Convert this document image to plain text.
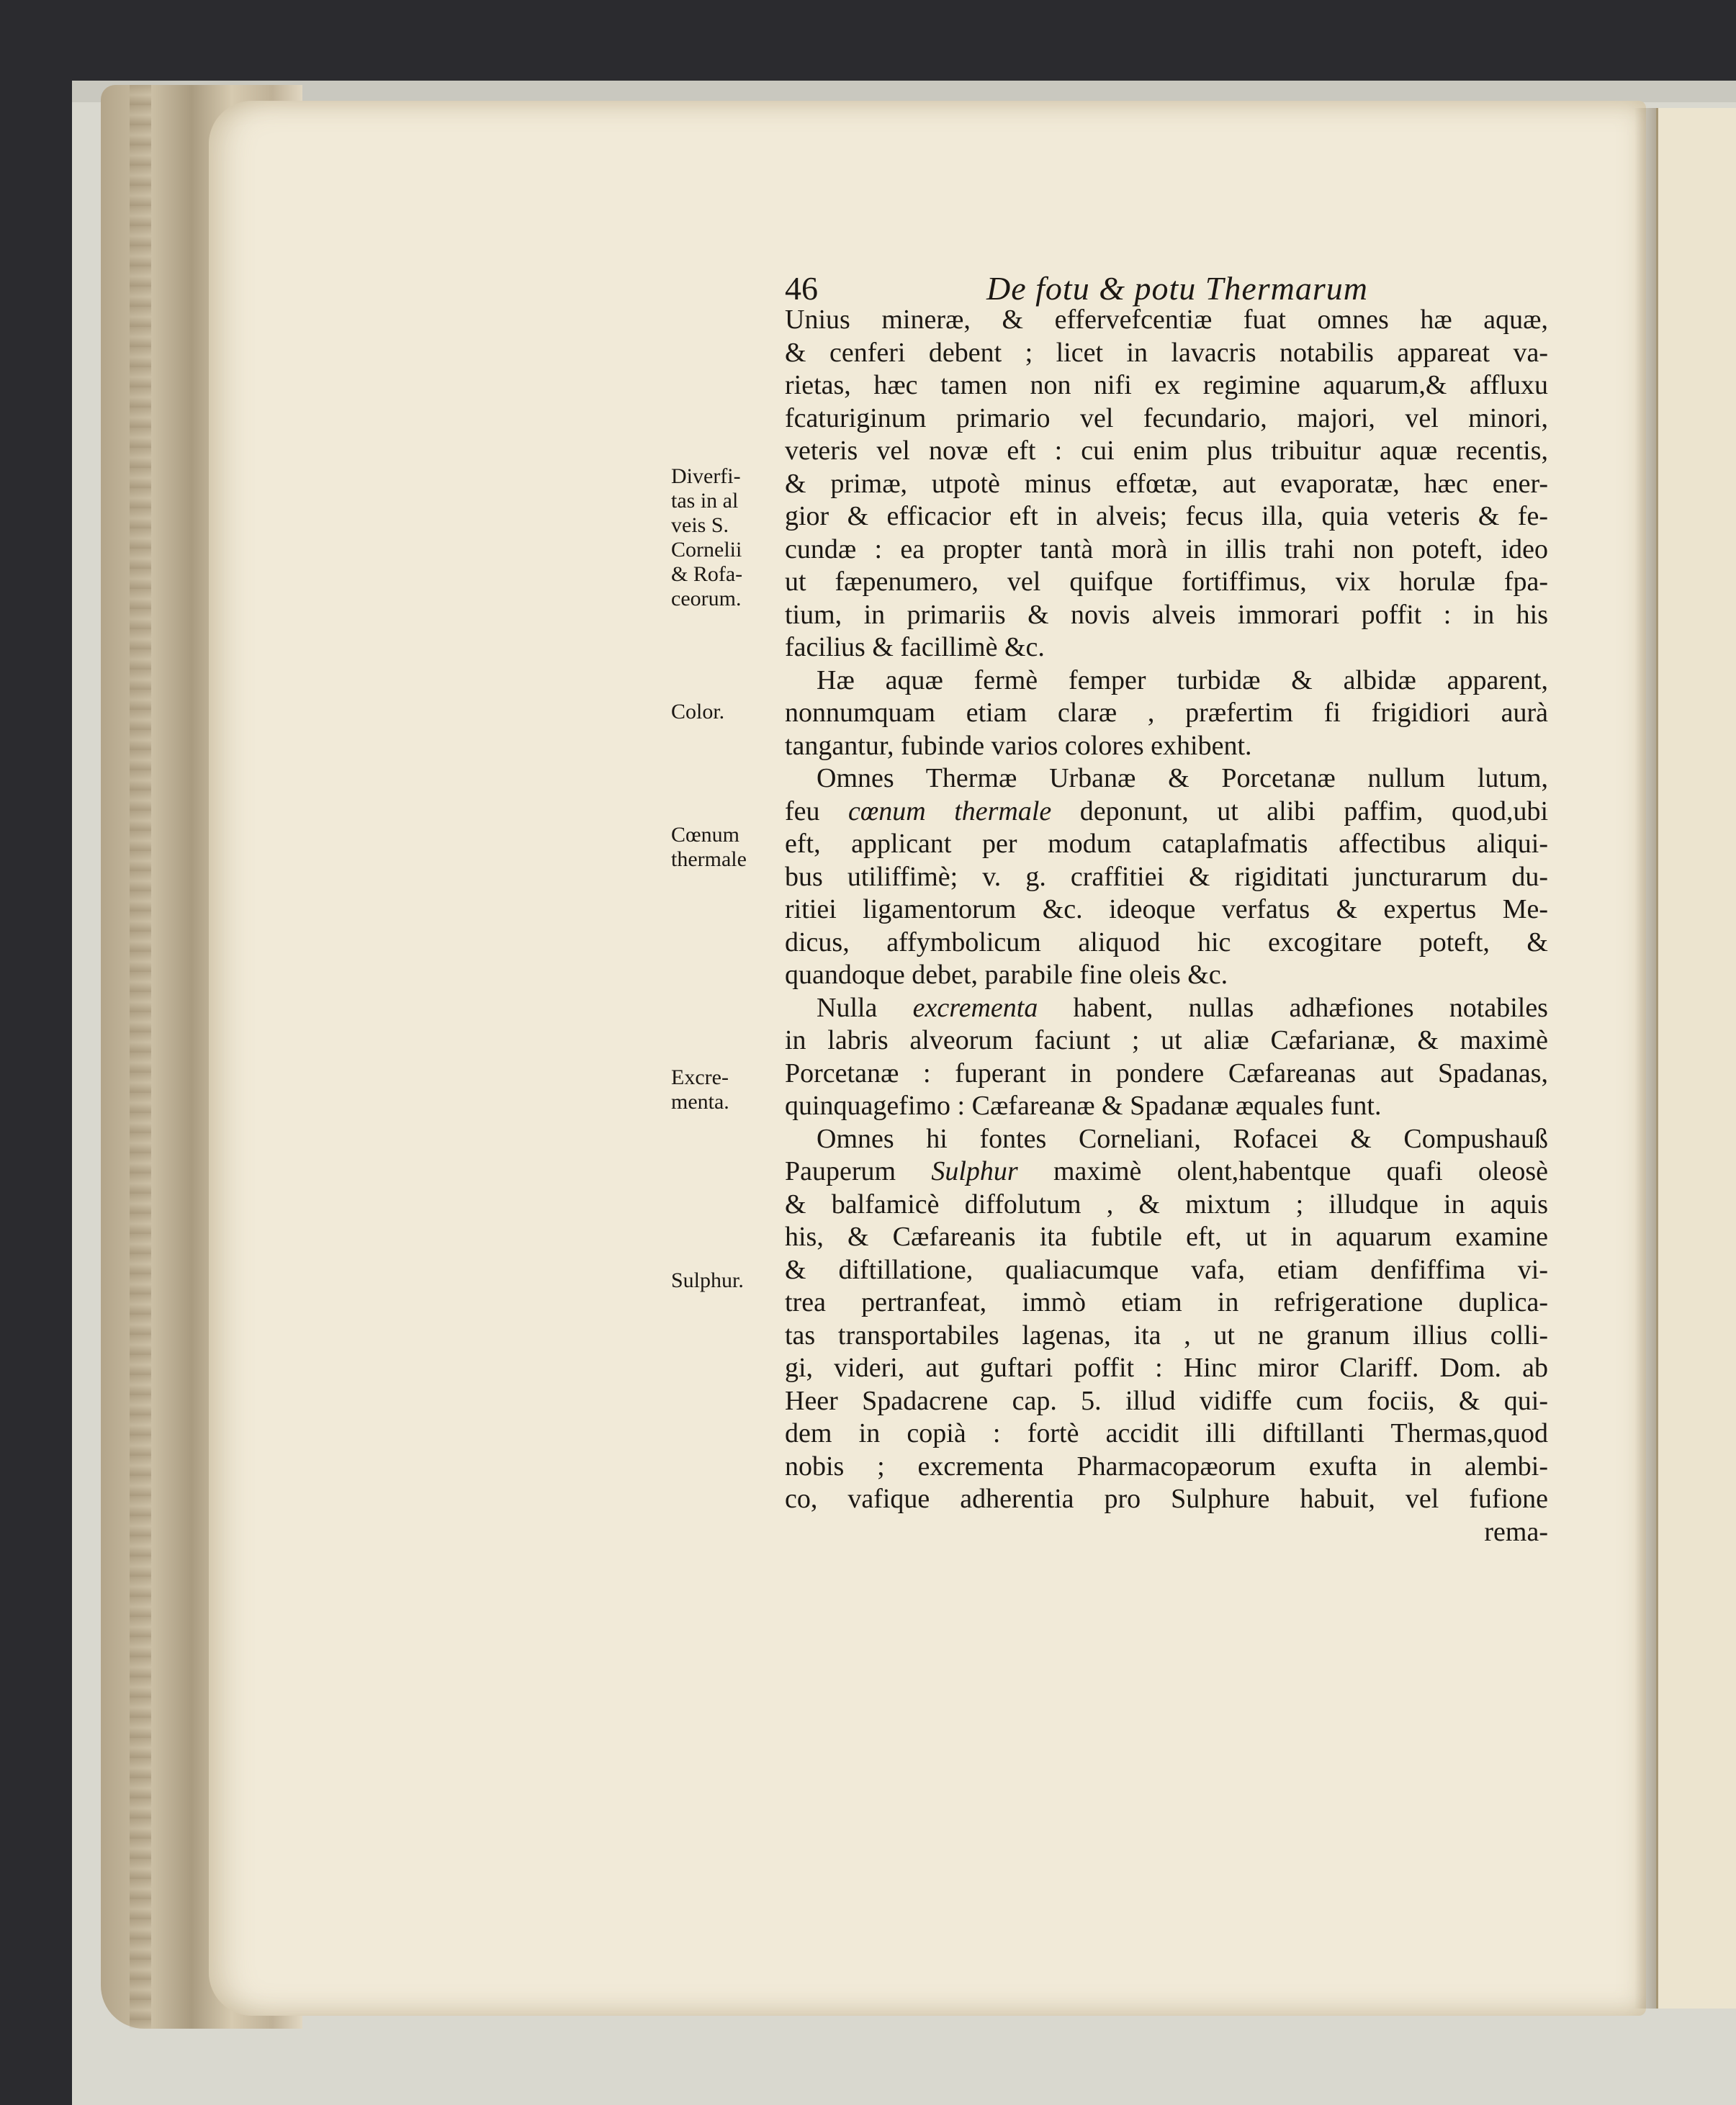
46	De fotu & potu Thermarum
Unius mineræ, & effervefcentiæ fuat omnes hæ aquæ,
& cenferi debent ; licet in lavacris notabilis appareat va-
rietas, hæc tamen non nifi ex regimine aquarum,& affluxu
fcaturiginum primario vel fecundario, majori, vel minori,
veteris vel novæ eft : cui enim plus tribuitur aquæ recentis,
& primæ, utpotè minus effœtæ, aut evaporatæ, hæc ener-
gior & efficacior eft in alveis; fecus illa, quia veteris & fe-
cundæ : ea propter tantà morà in illis trahi non poteft, ideo
ut fæpenumero, vel quifque fortiffimus, vix horulæ fpa-
tium, in primariis & novis alveis immorari poffit : in his
facilius & facillimè &c.
Hæ aquæ fermè femper turbidæ & albidæ apparent,
nonnumquam etiam claræ , præfertim fi frigidiori aurà
tangantur, fubinde varios colores exhibent.
Omnes Thermæ Urbanæ & Porcetanæ nullum lutum,
feu cœnum thermale deponunt, ut alibi paffim, quod,ubi
eft, applicant per modum cataplafmatis affectibus aliqui-
bus utiliffimè; v. g. craffitiei & rigiditati juncturarum du-
ritiei ligamentorum &c. ideoque verfatus & expertus Me-
dicus, affymbolicum aliquod hic excogitare poteft, &
quandoque debet, parabile fine oleis &c.
Nulla excrementa habent, nullas adhæfiones notabiles
in labris alveorum faciunt ; ut aliæ Cæfarianæ, & maximè
Porcetanæ : fuperant in pondere Cæfareanas aut Spadanas,
quinquagefimo : Cæfareanæ & Spadanæ æquales funt.
Omnes hi fontes Corneliani, Rofacei & Compushauß
Pauperum Sulphur maximè olent,habentque quafi oleosè
& balfamicè diffolutum , & mixtum ; illudque in aquis
his, & Cæfareanis ita fubtile eft, ut in aquarum examine
& diftillatione, qualiacumque vafa, etiam denfiffima vi-
trea pertranfeat, immò etiam in refrigeratione duplica-
tas transportabiles lagenas, ita , ut ne granum illius colli-
gi, videri, aut guftari poffit : Hinc miror Clariff. Dom. ab
Heer Spadacrene cap. 5. illud vidiffe cum fociis, & qui-
dem in copià : fortè accidit illi diftillanti Thermas,quod
nobis ; excrementa Pharmacopæorum exufta in alembi-
co, vafique adherentia pro Sulphure habuit, vel fufione
rema-
Diverfi-
tas in al
veis S.
Cornelii
& Rofa-
ceorum.
Color.
Cœnum
thermale
Excre-
menta.
Sulphur.
